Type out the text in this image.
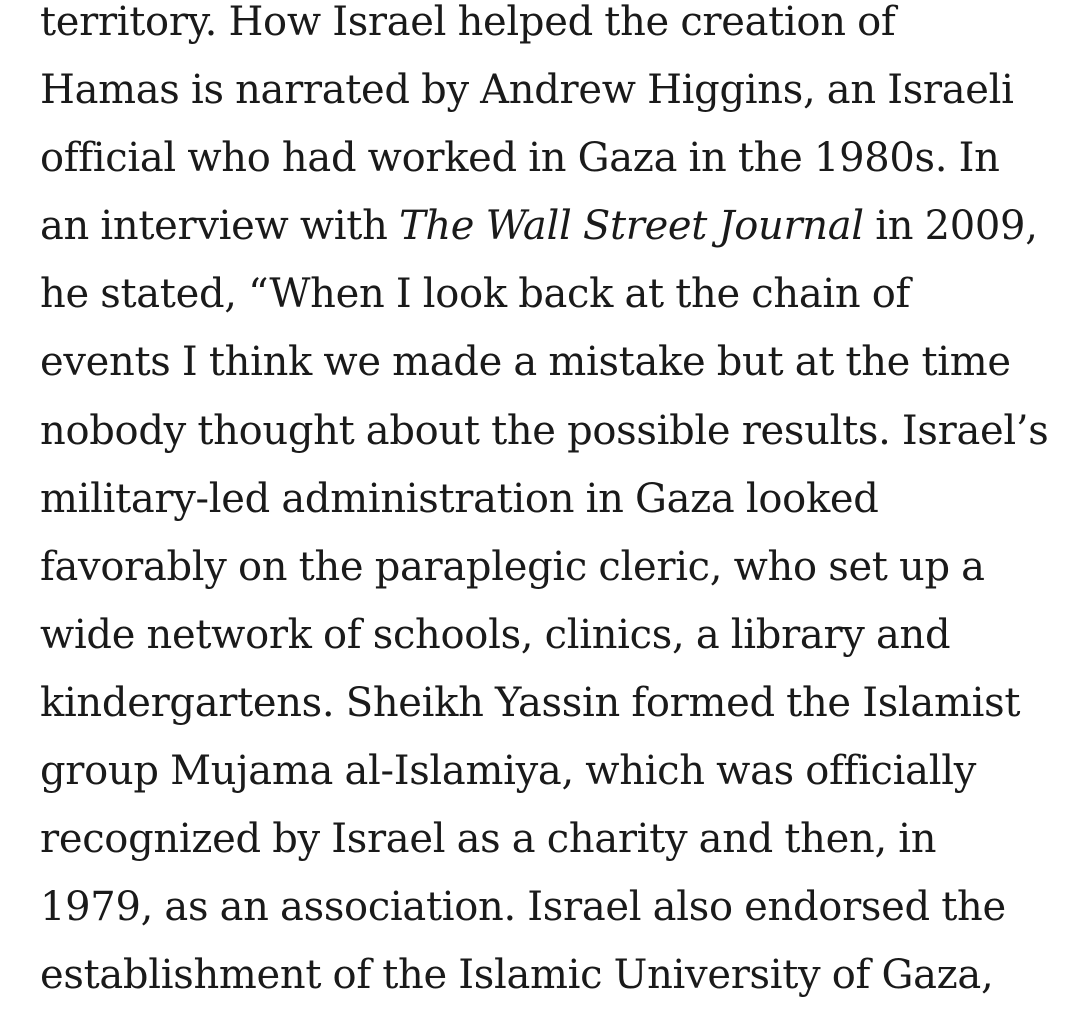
territory. How Israel helped the creation of
Hamas is narrated by Andrew Higgins, an Israeli
official who had worked in Gaza in the 1980s. In
an interview with The Wall Street Journal in 2009,
he stated, “When I look back at the chain of
events I think we made a mistake but at the time
nobody thought about the possible results. Israel’s
military-led administration in Gaza looked
favorably on the paraplegic cleric, who set up a
wide network of schools, clinics, a library and
kindergartens. Sheikh Yassin formed the Islamist
group Mujama al-Islamiya, which was officially
recognized by Israel as a charity and then, in
1979, as an association. Israel also endorsed the
establishment of the Islamic University of Gaza,
